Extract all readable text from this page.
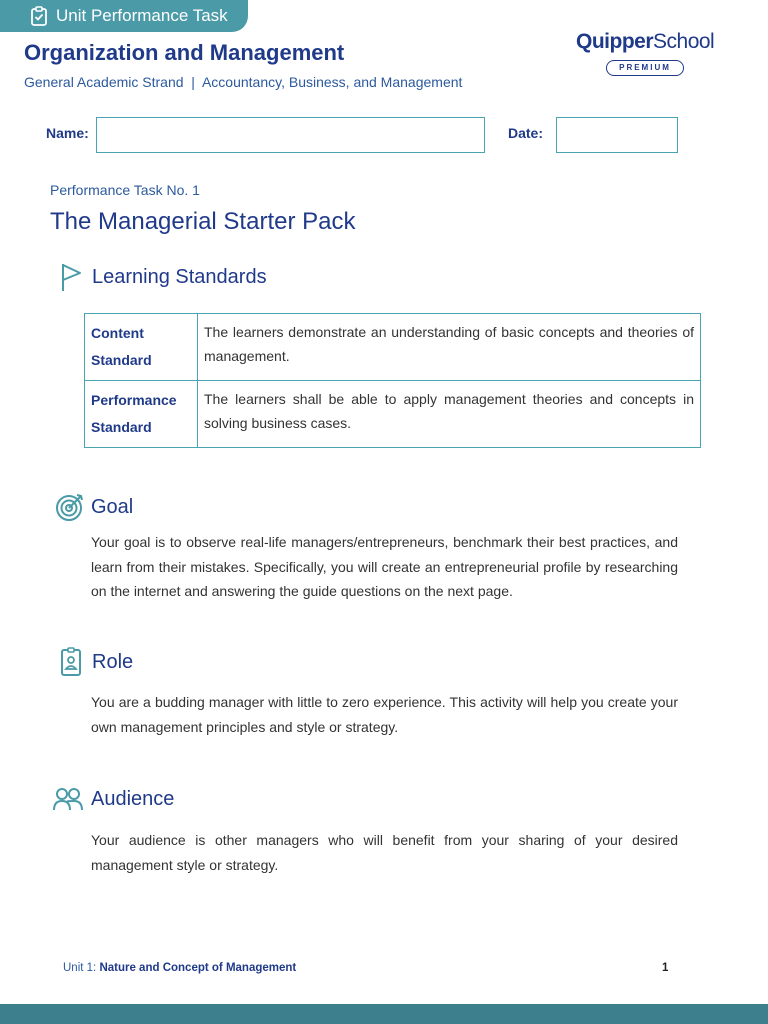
Unit Performance Task
Organization and Management
General Academic Strand  |  Accountancy, Business, and Management
QuipperSchool
PREMIUM
Name:	Date:
Performance Task No. 1
The Managerial Starter Pack
Learning Standards
Content
Standard	The learners demonstrate an understanding of basic concepts and theories of management.
Performance
Standard	The learners shall be able to apply management theories and concepts in solving business cases.
Goal
Your goal is to observe real-life managers/entrepreneurs, benchmark their best practices, and learn from their mistakes. Specifically, you will create an entrepreneurial profile by researching on the internet and answering the guide questions on the next page.
Role
You are a budding manager with little to zero experience. This activity will help you create your own management principles and style or strategy.
Audience
Your audience is other managers who will benefit from your sharing of your desired management style or strategy.
Unit 1: Nature and Concept of Management	1
